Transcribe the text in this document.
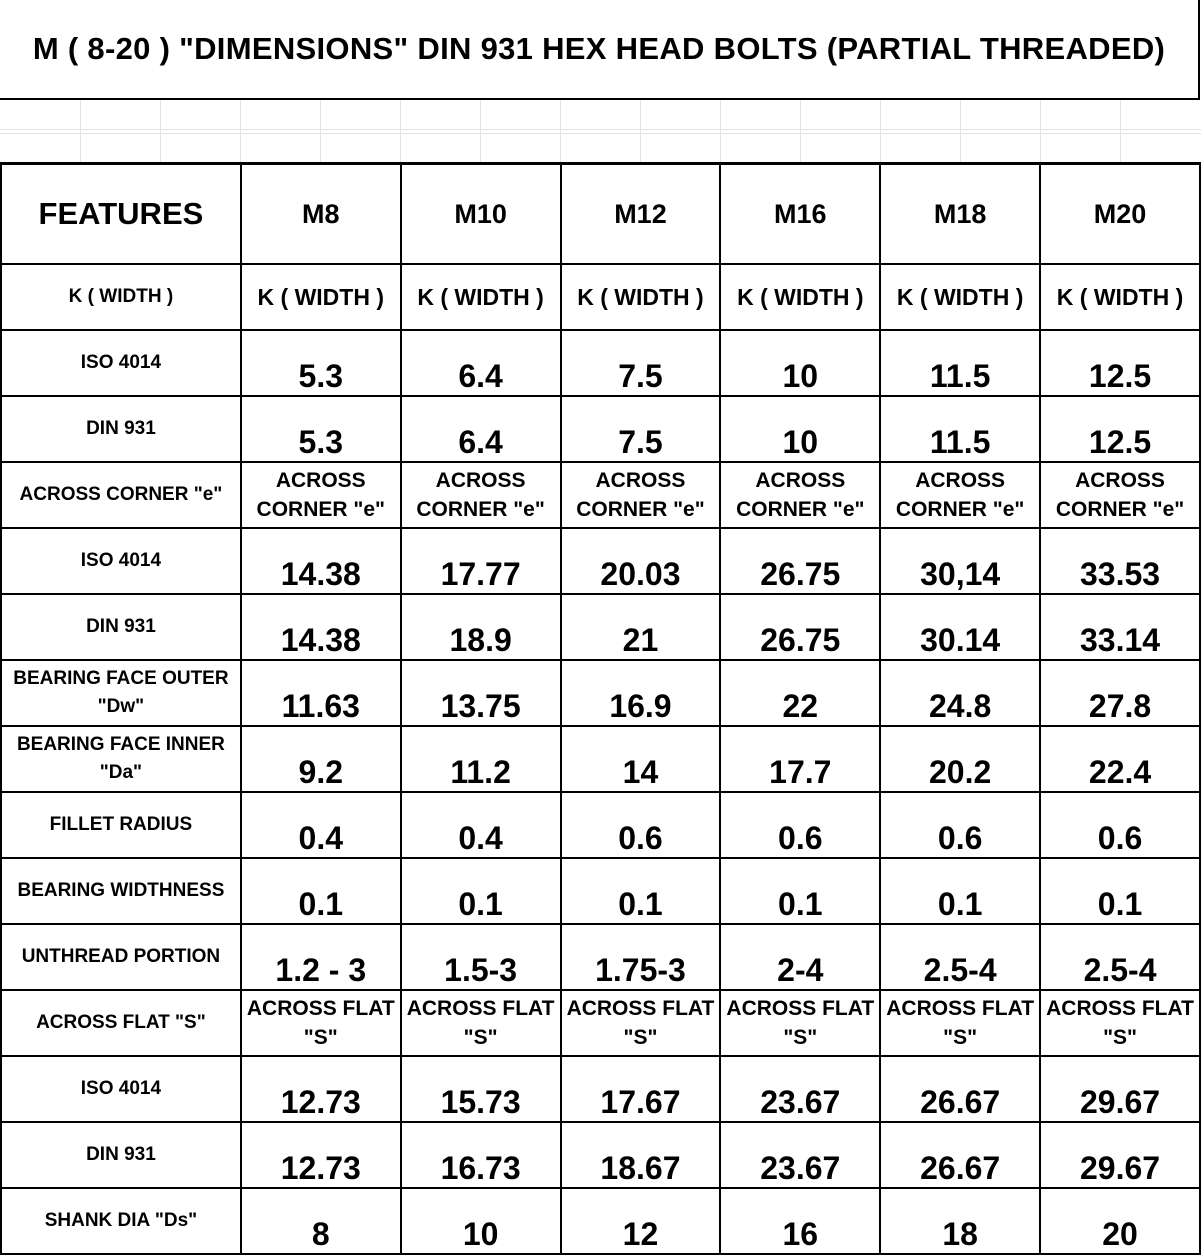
M ( 8-20 ) "DIMENSIONS" DIN 931 HEX HEAD BOLTS (PARTIAL THREADED)
FEATURES	M8	M10	M12	M16	M18	M20
K ( WIDTH )	K ( WIDTH )	K ( WIDTH )	K ( WIDTH )	K ( WIDTH )	K ( WIDTH )	K ( WIDTH )
ISO 4014	5.3	6.4	7.5	10	11.5	12.5
DIN 931	5.3	6.4	7.5	10	11.5	12.5
ACROSS CORNER "e"	ACROSS CORNER "e"	ACROSS CORNER "e"	ACROSS CORNER "e"	ACROSS CORNER "e"	ACROSS CORNER "e"	ACROSS CORNER "e"
ISO 4014	14.38	17.77	20.03	26.75	30,14	33.53
DIN 931	14.38	18.9	21	26.75	30.14	33.14
BEARING FACE OUTER "Dw"	11.63	13.75	16.9	22	24.8	27.8
BEARING FACE INNER "Da"	9.2	11.2	14	17.7	20.2	22.4
FILLET RADIUS	0.4	0.4	0.6	0.6	0.6	0.6
BEARING WIDTHNESS	0.1	0.1	0.1	0.1	0.1	0.1
UNTHREAD PORTION	1.2 - 3	1.5-3	1.75-3	2-4	2.5-4	2.5-4
ACROSS FLAT "S"	ACROSS FLAT "S"	ACROSS FLAT "S"	ACROSS FLAT "S"	ACROSS FLAT "S"	ACROSS FLAT "S"	ACROSS FLAT "S"
ISO 4014	12.73	15.73	17.67	23.67	26.67	29.67
DIN 931	12.73	16.73	18.67	23.67	26.67	29.67
SHANK DIA "Ds"	8	10	12	16	18	20
